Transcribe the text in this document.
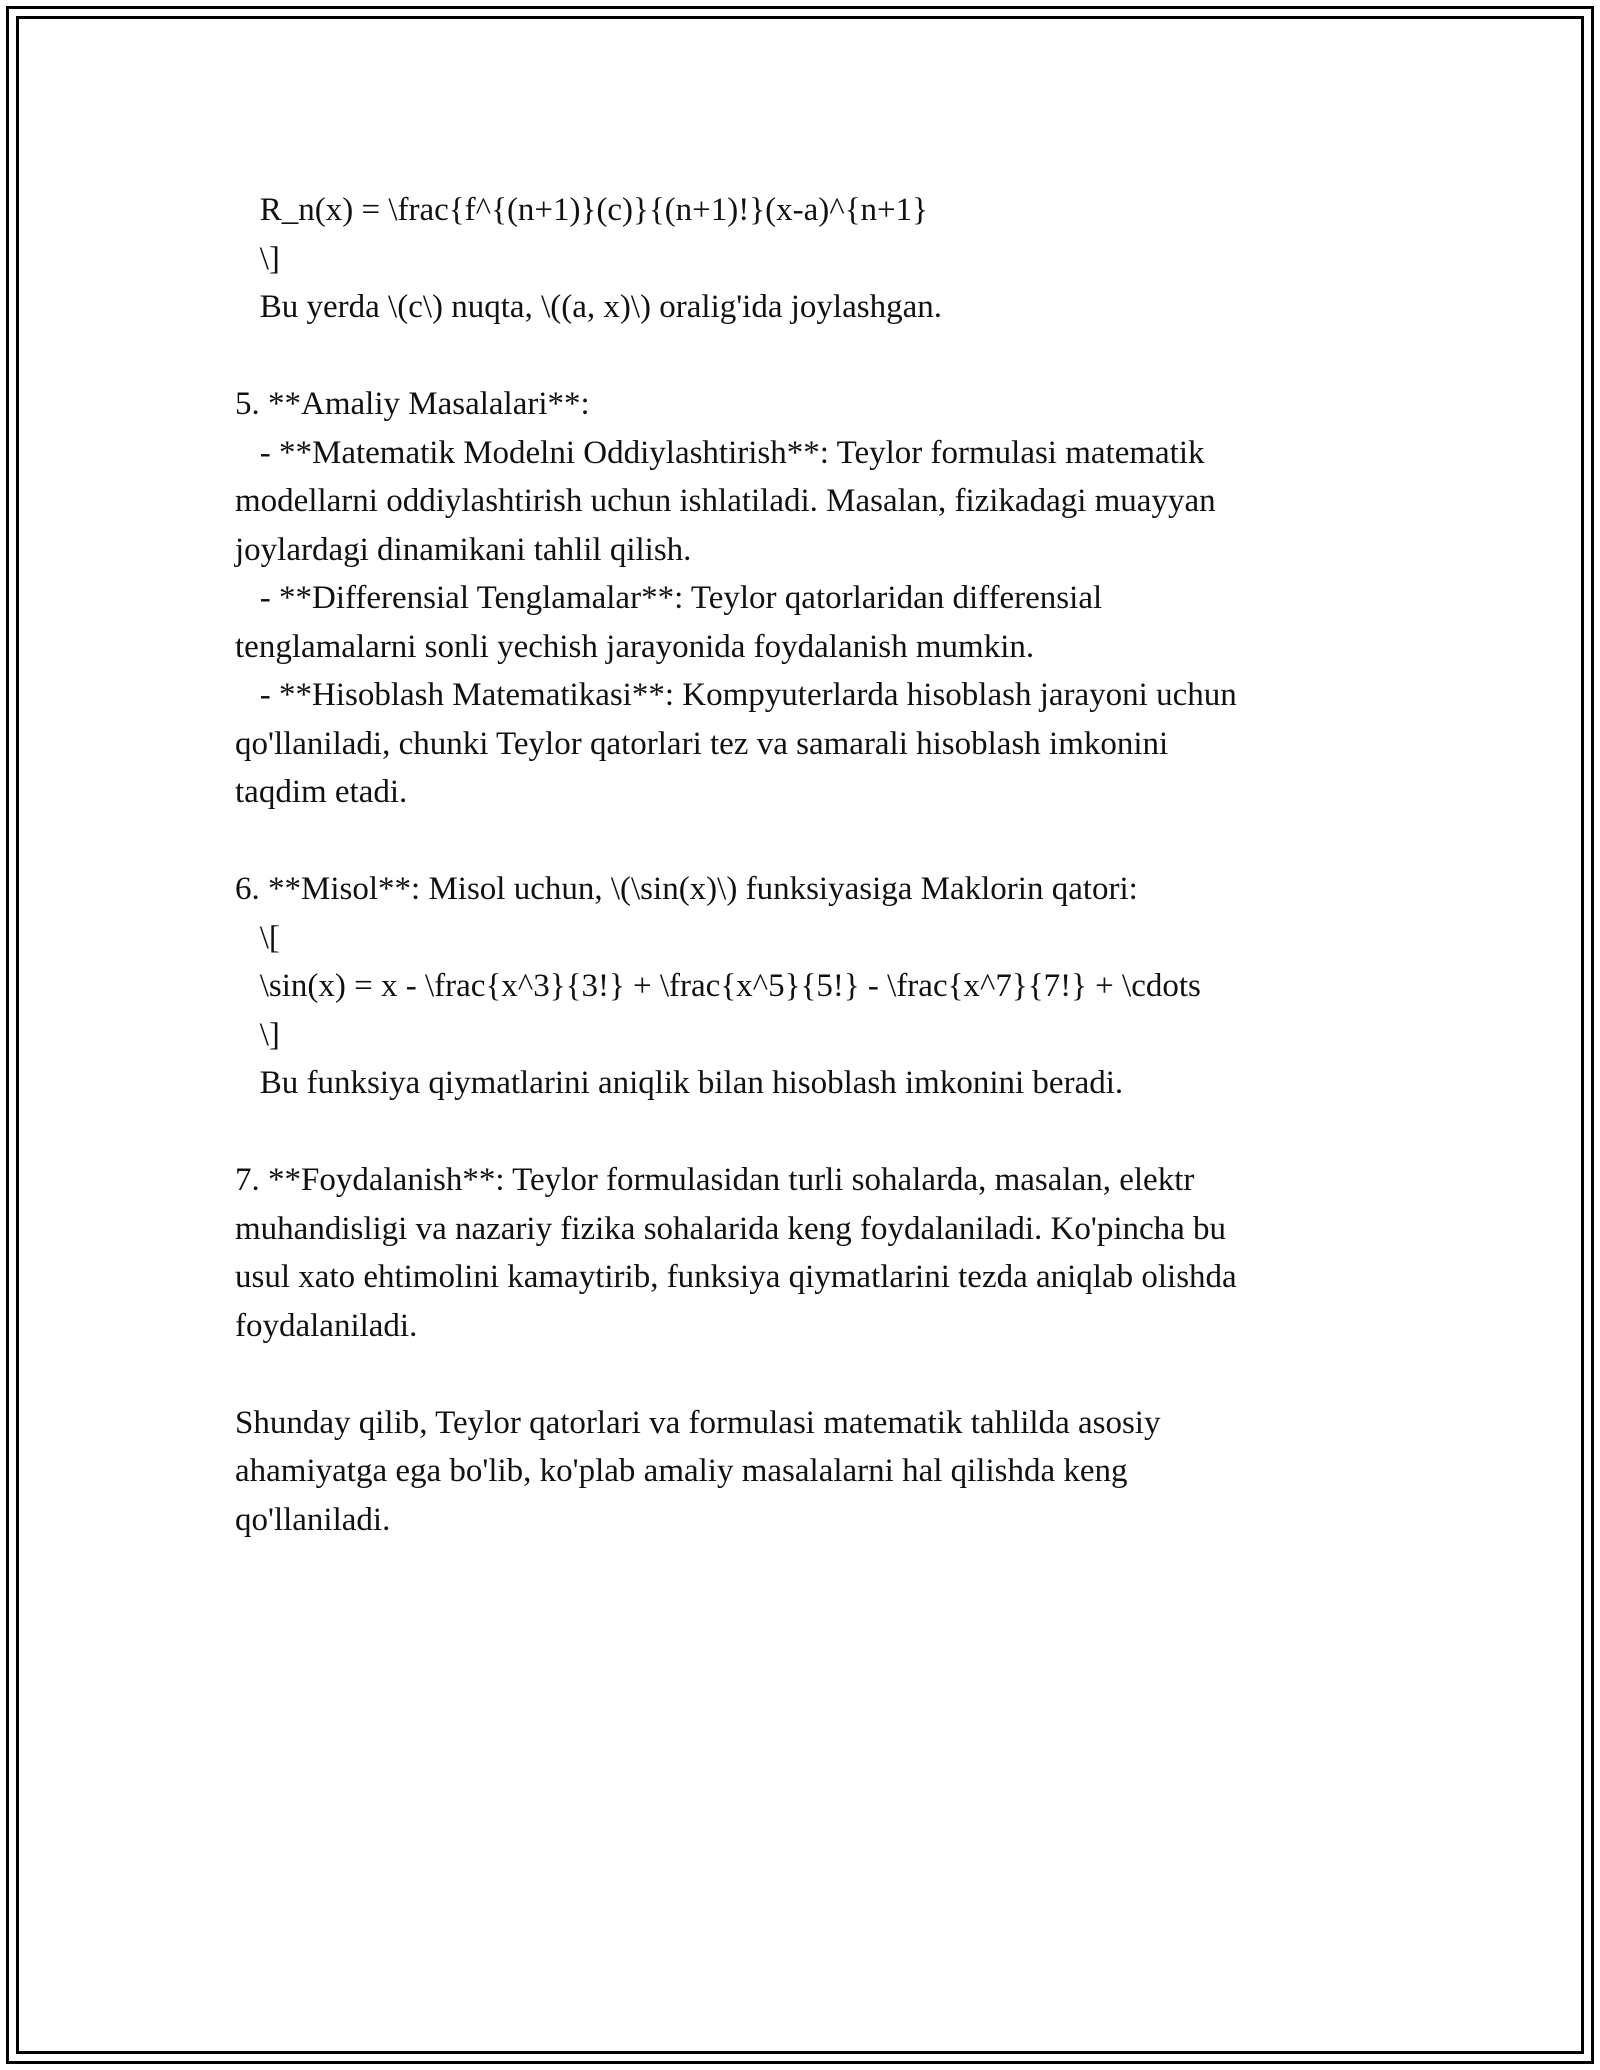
R_n(x) = \frac{f^{(n+1)}(c)}{(n+1)!}(x-a)^{n+1}

\]

Bu yerda \(c\) nuqta, \((a, x)\) oralig'ida joylashgan.

5. **Amaliy Masalalari**:

- **Matematik Modelni Oddiylashtirish**: Teylor formulasi matematik

modellarni oddiylashtirish uchun ishlatiladi. Masalan, fizikadagi muayyan

joylardagi dinamikani tahlil qilish.

- **Differensial Tenglamalar**: Teylor qatorlaridan differensial

tenglamalarni sonli yechish jarayonida foydalanish mumkin.

- **Hisoblash Matematikasi**: Kompyuterlarda hisoblash jarayoni uchun

qo'llaniladi, chunki Teylor qatorlari tez va samarali hisoblash imkonini

taqdim etadi.

6. **Misol**: Misol uchun, \(\sin(x)\) funksiyasiga Maklorin qatori:

\[

\sin(x) = x - \frac{x^3}{3!} + \frac{x^5}{5!} - \frac{x^7}{7!} + \cdots

\]

Bu funksiya qiymatlarini aniqlik bilan hisoblash imkonini beradi.

7. **Foydalanish**: Teylor formulasidan turli sohalarda, masalan, elektr

muhandisligi va nazariy fizika sohalarida keng foydalaniladi. Ko'pincha bu

usul xato ehtimolini kamaytirib, funksiya qiymatlarini tezda aniqlab olishda

foydalaniladi.

Shunday qilib, Teylor qatorlari va formulasi matematik tahlilda asosiy

ahamiyatga ega bo'lib, ko'plab amaliy masalalarni hal qilishda keng

qo'llaniladi.
